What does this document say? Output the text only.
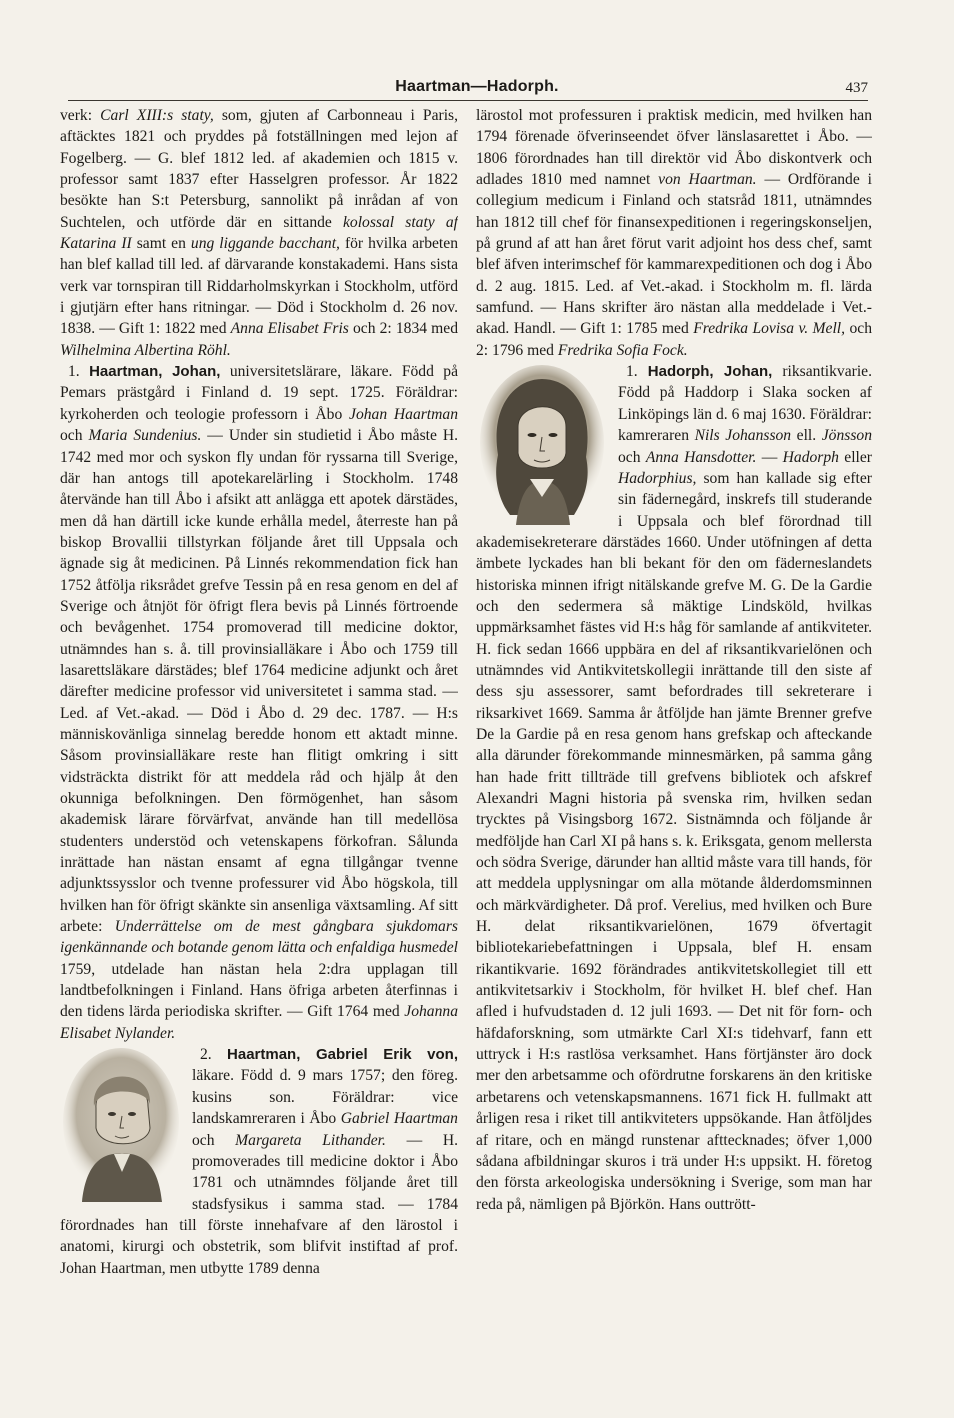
Haartman—Hadorph.	437

verk: Carl XIII:s staty, som, gjuten af Carbonneau i Paris, aftäcktes 1821 och pryddes på fotställningen med lejon af Fogelberg. — G. blef 1812 led. af akademien och 1815 v. professor samt 1837 efter Hasselgren professor. År 1822 besökte han S:t Petersburg, sannolikt på inrådan af von Suchtelen, och utförde där en sittande kolossal staty af Katarina II samt en ung liggande bacchant, för hvilka arbeten han blef kallad till led. af därvarande konstakademi. Hans sista verk var tornspiran till Riddarholmskyrkan i Stockholm, utförd i gjutjärn efter hans ritningar. — Död i Stockholm d. 26 nov. 1838. — Gift 1: 1822 med Anna Elisabet Fris och 2: 1834 med Wilhelmina Albertina Röhl.

1. Haartman, Johan, universitetslärare, läkare. Född på Pemars prästgård i Finland d. 19 sept. 1725. Föräldrar: kyrkoherden och teologie professorn i Åbo Johan Haartman och Maria Sundenius. — Under sin studietid i Åbo måste H. 1742 med mor och syskon fly undan för ryssarna till Sverige, där han antogs till apotekarelärling i Stockholm. 1748 återvände han till Åbo i afsikt att anlägga ett apotek därstädes, men då han därtill icke kunde erhålla medel, återreste han på biskop Brovallii tillstyrkan följande året till Uppsala och ägnade sig åt medicinen. På Linnés rekommendation fick han 1752 åtfölja riksrådet grefve Tessin på en resa genom en del af Sverige och åtnjöt för öfrigt flera bevis på Linnés förtroende och bevågenhet. 1754 promoverad till medicine doktor, utnämndes han s. å. till provinsialläkare i Åbo och 1759 till lasarettsläkare därstädes; blef 1764 medicine adjunkt och året därefter medicine professor vid universitetet i samma stad. — Led. af Vet.-akad. — Död i Åbo d. 29 dec. 1787. — H:s människovänliga sinnelag beredde honom ett aktadt minne. Såsom provinsialläkare reste han flitigt omkring i sitt vidsträckta distrikt för att meddela råd och hjälp åt den okunniga befolkningen. Den förmögenhet, han såsom akademisk lärare förvärfvat, använde han till medellösa studenters understöd och vetenskapens förkofran. Sålunda inrättade han nästan ensamt af egna tillgångar tvenne adjunktssysslor och tvenne professurer vid Åbo högskola, till hvilken han för öfrigt skänkte sin ansenliga växtsamling. Af sitt arbete: Underrättelse om de mest gångbara sjukdomars igenkännande och botande genom lätta och enfaldiga husmedel 1759, utdelade han nästan hela 2:dra upplagan till landtbefolkningen i Finland. Hans öfriga arbeten återfinnas i den tidens lärda periodiska skrifter. — Gift 1764 med Johanna Elisabet Nylander.

2. Haartman, Gabriel Erik von,
läkare. Född d. 9 mars 1757; den föreg. kusins son. Föräldrar: vice landskamreraren i Åbo Gabriel Haartman och Margareta Lithander. — H. promoverades till medicine doktor i Åbo 1781 och utnämndes följande året till stadsfysikus i samma stad. — 1784 förordnades han till förste innehafvare af den lärostol i anatomi, kirurgi och obstetrik, som blifvit instiftad af prof. Johan Haartman, men utbytte 1789 denna

lärostol mot professuren i praktisk medicin, med hvilken han 1794 förenade öfverinseendet öfver länslasarettet i Åbo. — 1806 förordnades han till direktör vid Åbo diskontverk och adlades 1810 med namnet von Haartman. — Ordförande i collegium medicum i Finland och statsråd 1811, utnämndes han 1812 till chef för finansexpeditionen i regeringskonseljen, på grund af att han året förut varit adjoint hos dess chef, samt blef äfven interimschef för kammarexpeditionen och dog i Åbo d. 2 aug. 1815. Led. af Vet.-akad. i Stockholm m. fl. lärda samfund. — Hans skrifter äro nästan alla meddelade i Vet.-akad. Handl. — Gift 1: 1785 med Fredrika Lovisa v. Mell, och 2: 1796 med Fredrika Sofia Fock.

1. Hadorph, Johan,
riksantikvarie. Född på Haddorp i Slaka socken af Linköpings län d. 6 maj 1630. Föräldrar: kamreraren Nils Johansson ell. Jönsson och Anna Hansdotter. — Hadorph eller Hadorphius, som han kallade sig efter sin fädernegård, inskrefs till studerande i Uppsala och blef förordnad till akademisekreterare därstädes 1660. Under utöfningen af detta ämbete lyckades han bli bekant för den om fäderneslandets historiska minnen ifrigt nitälskande grefve M. G. De la Gardie och den sedermera så mäktige Lindsköld, hvilkas uppmärksamhet fästes vid H:s håg för samlande af antikviteter. H. fick sedan 1666 uppbära en del af riksantikvarielönen och utnämndes vid Antikvitetskollegii inrättande till den siste af dess sju assessorer, samt befordrades till sekreterare i riksarkivet 1669. Samma år åtföljde han jämte Brenner grefve De la Gardie på en resa genom hans grefskap och afteckande alla därunder förekommande minnesmärken, på samma gång han hade fritt tillträde till grefvens bibliotek och afskref Alexandri Magni historia på svenska rim, hvilken sedan trycktes på Visingsborg 1672. Sistnämnda och följande år medföljde han Carl XI på hans s. k. Eriksgata, genom mellersta och södra Sverige, därunder han alltid måste vara till hands, för att meddela upplysningar om alla mötande ålderdomsminnen och märkvärdigheter. Då prof. Verelius, med hvilken och Bure H. delat riksantikvarielönen, 1679 öfvertagit bibliotekariebefattningen i Uppsala, blef H. ensam rikantikvarie. 1692 förändrades antikvitetskollegiet till ett antikvitetsarkiv i Stockholm, för hvilket H. blef chef. Han afled i hufvudstaden d. 12 juli 1693. — Det nit för forn- och häfdaforskning, som utmärkte Carl XI:s tidehvarf, fann ett uttryck i H:s rastlösa verksamhet. Hans förtjänster äro dock mer den arbetsamme och ofördrutne forskarens än den kritiske arbetarens och vetenskapsmannens. 1671 fick H. fullmakt att årligen resa i riket till antikviteters uppsökande. Han åtföljdes af ritare, och en mängd runstenar afttecknades; öfver 1,000 sådana afbildningar skuros i trä under H:s uppsikt. H. företog den första arkeologiska undersökning i Sverige, som man har reda på, nämligen på Björkön. Hans outtrött-
